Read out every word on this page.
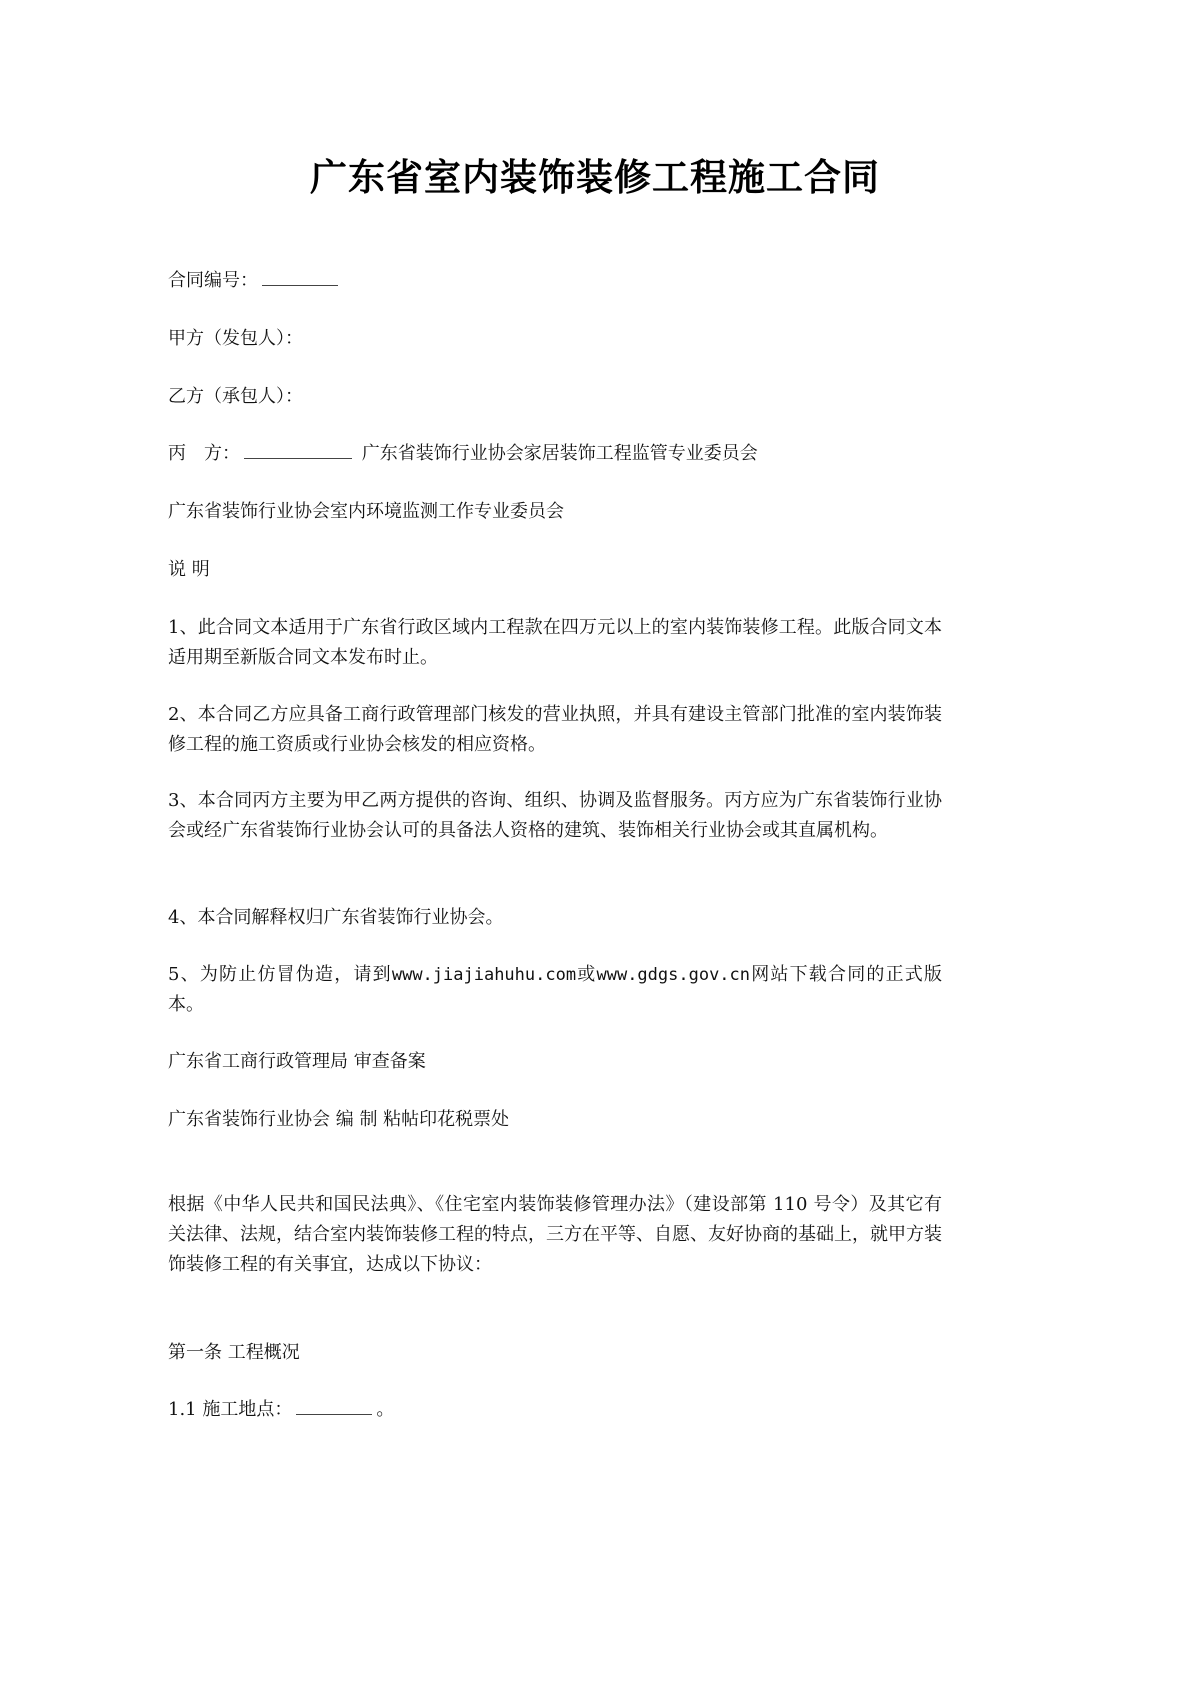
广东省室内装饰装修工程施工合同

合同编号：

甲方（发包人）：

乙方（承包人）：

丙　方：	广东省装饰行业协会家居装饰工程监管专业委员会

广东省装饰行业协会室内环境监测工作专业委员会

说 明

1、此合同文本适用于广东省行政区域内工程款在四万元以上的室内装饰装修工程。此版合同文本适用期至新版合同文本发布时止。

2、本合同乙方应具备工商行政管理部门核发的营业执照，并具有建设主管部门批准的室内装饰装修工程的施工资质或行业协会核发的相应资格。

3、本合同丙方主要为甲乙两方提供的咨询、组织、协调及监督服务。丙方应为广东省装饰行业协会或经广东省装饰行业协会认可的具备法人资格的建筑、装饰相关行业协会或其直属机构。

4、本合同解释权归广东省装饰行业协会。

5、为防止仿冒伪造，请到www.jiajiahuhu.com或www.gdgs.gov.cn网站下载合同的正式版本。

广东省工商行政管理局 审查备案

广东省装饰行业协会 编 制 粘帖印花税票处

根据《中华人民共和国民法典》、《住宅室内装饰装修管理办法》（建设部第 110 号令）及其它有关法律、法规，结合室内装饰装修工程的特点，三方在平等、自愿、友好协商的基础上，就甲方装饰装修工程的有关事宜，达成以下协议：

第一条 工程概况

1.1 施工地点：	。
